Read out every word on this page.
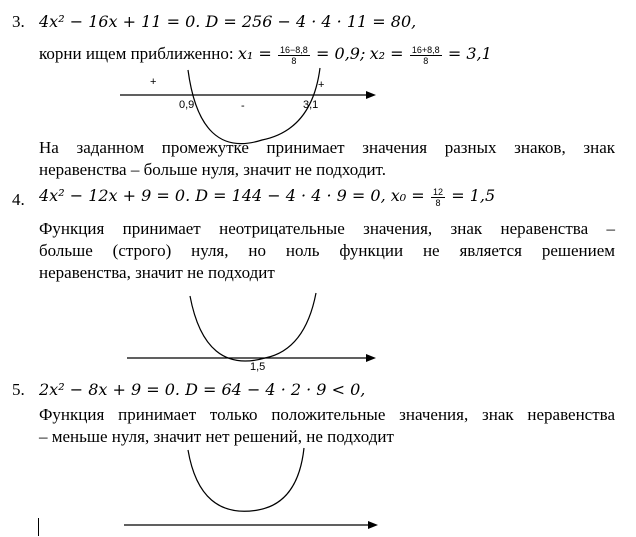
3. 4x² − 16x + 11 = 0. D = 256 − 4 · 4 · 11 = 80,
корни ищем приближенно: $x_1 = \frac{16-8,8}{8} = 0,9$; $x_2 = \frac{16+8,8}{8} = 3,1$
+	+
-
0,9	3,1
1,5
На заданном промежутке принимает значения разных знаков, знак
неравенства – больше нуля, значит не подходит.
4. 4x² − 12x + 9 = 0. D = 144 − 4 · 4 · 9 = 0, $x_0 = \frac{12}{8} = 1,5$
Функция принимает неотрицательные значения, знак неравенства –
больше (строго) нуля, но ноль функции не является решением
неравенства, значит не подходит
5. 2x² − 8x + 9 = 0. D = 64 − 4 · 2 · 9 < 0,
Функция принимает только положительные значения, знак неравенства
– меньше нуля, значит нет решений, не подходит
